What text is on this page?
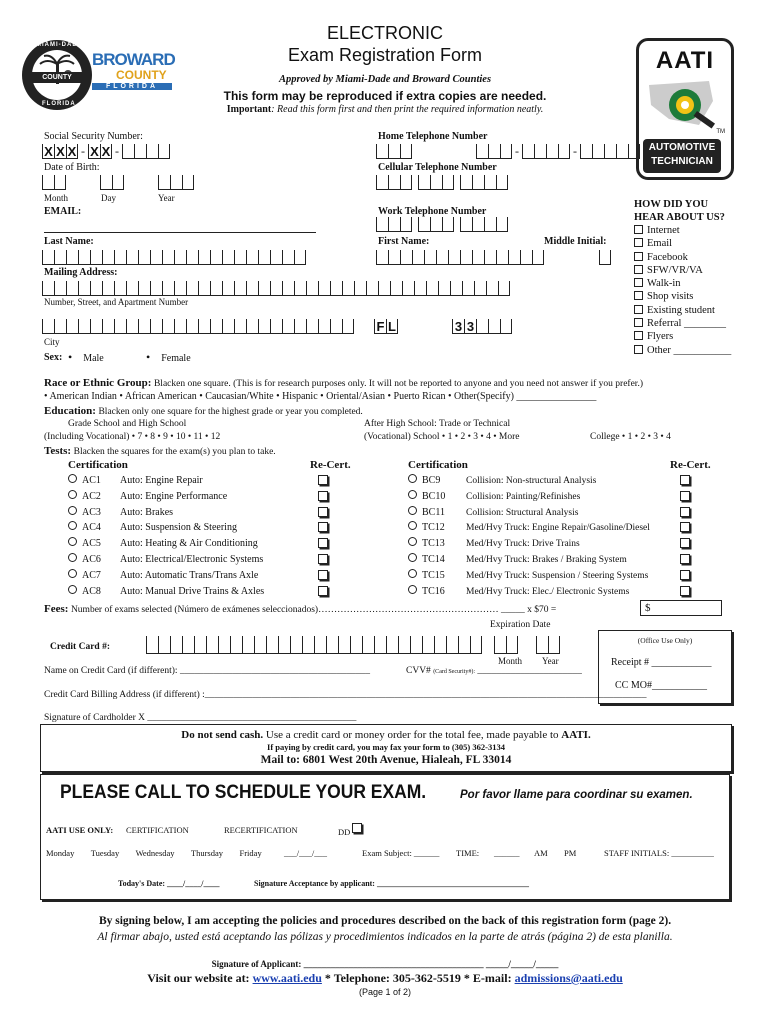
ELECTRONIC
Exam Registration Form
Approved by Miami-Dade and Broward Counties
This form may be reproduced if extra copies are needed.
Important: Read this form first and then print the required information neatly.
COUNTY
MIAMI-DADE
FLORIDA
BROWARD
COUNTY
FLORIDA
AATI
TM
AUTOMOTIVE
TECHNICIAN
Social Security Number:
X X X - X X -
Date of Birth:
Month	Day	Year
EMAIL:
Home Telephone Number
-	-
Cellular Telephone Number
Work Telephone Number
HOW DID YOU
HEAR ABOUT US?
Internet
Email
Facebook
SFW/VR/VA
Walk-in
Shop visits
Existing student
Referral ________
Flyers
Other ___________
Last Name:	First Name:	Middle Initial:
Mailing Address:
Number, Street, and Apartment Number
F L	3 3
City
Sex: • Male	• Female
Race or Ethnic Group: Blacken one square. (This is for research purposes only. It will not be reported to anyone and you need not answer if you prefer.)
• American Indian • African American • Caucasian/White • Hispanic • Oriental/Asian • Puerto Rican • Other(Specify) ________________
Education: Blacken only one square for the highest grade or year you completed.
Grade School and High School
(Including Vocational) • 7 • 8 • 9 • 10 • 11 • 12
After High School: Trade or Technical
(Vocational) School • 1 • 2 • 3 • 4 • More	College • 1 • 2 • 3 • 4
Tests: Blacken the squares for the exam(s) you plan to take.
Certification	Re-Cert.	Certification	Re-Cert.
AC1 Auto: Engine Repair
AC2 Auto: Engine Performance
AC3 Auto: Brakes
AC4 Auto: Suspension & Steering
AC5 Auto: Heating & Air Conditioning
AC6 Auto: Electrical/Electronic Systems
AC7 Auto: Automatic Trans/Trans Axle
AC8 Auto: Manual Drive Trains & Axles
BC9	Collision: Non-structural Analysis
BC10 Collision: Painting/Refinishes
BC11 Collision: Structural Analysis
TC12 Med/Hvy Truck: Engine Repair/Gasoline/Diesel
TC13 Med/Hvy Truck: Drive Trains
TC14 Med/Hvy Truck: Brakes / Braking System
TC15 Med/Hvy Truck: Suspension / Steering Systems
TC16 Med/Hvy Truck: Elec./ Electronic Systems
Fees: Number of exams selected (Número de exámenes seleccionados)………………………………………………… _____ x $70 =	$
Expiration Date
Credit Card #:
Month Year
(Office Use Only)
Receipt # ____________
CC MO#___________
Name on Credit Card (if different): ________________________________________	CVV# (Card Security#): ______________________
Credit Card Billing Address (if different) :_____________________________________________________________________________________________
Signature of Cardholder X ____________________________________________
Do not send cash. Use a credit card or money order for the total fee, made payable to AATI.
If paying by credit card, you may fax your form to (305) 362-3134
Mail to: 6801 West 20th Avenue, Hialeah, FL 33014
PLEASE CALL TO SCHEDULE YOUR EXAM.	Por favor llame para coordinar su examen.
AATI USE ONLY: CERTIFICATION	RECERTIFICATION	DD
Monday Tuesday Wednesday Thursday Friday	___/___/___	Exam Subject: ______ TIME: ______ AM PM	STAFF INITIALS: __________
Today's Date: ____/____/____	Signature Acceptance by applicant: ______________________________________
By signing below, I am accepting the policies and procedures described on the back of this registration form (page 2).
Al firmar abajo, usted está aceptando las pólizas y procedimientos indicados en la parte de atrás (página 2) de esta planilla.
Signature of Applicant: ________________________________________ _____/_____/_____
Visit our website at: www.aati.edu * Telephone: 305-362-5519 * E-mail: admissions@aati.edu
(Page 1 of 2)
